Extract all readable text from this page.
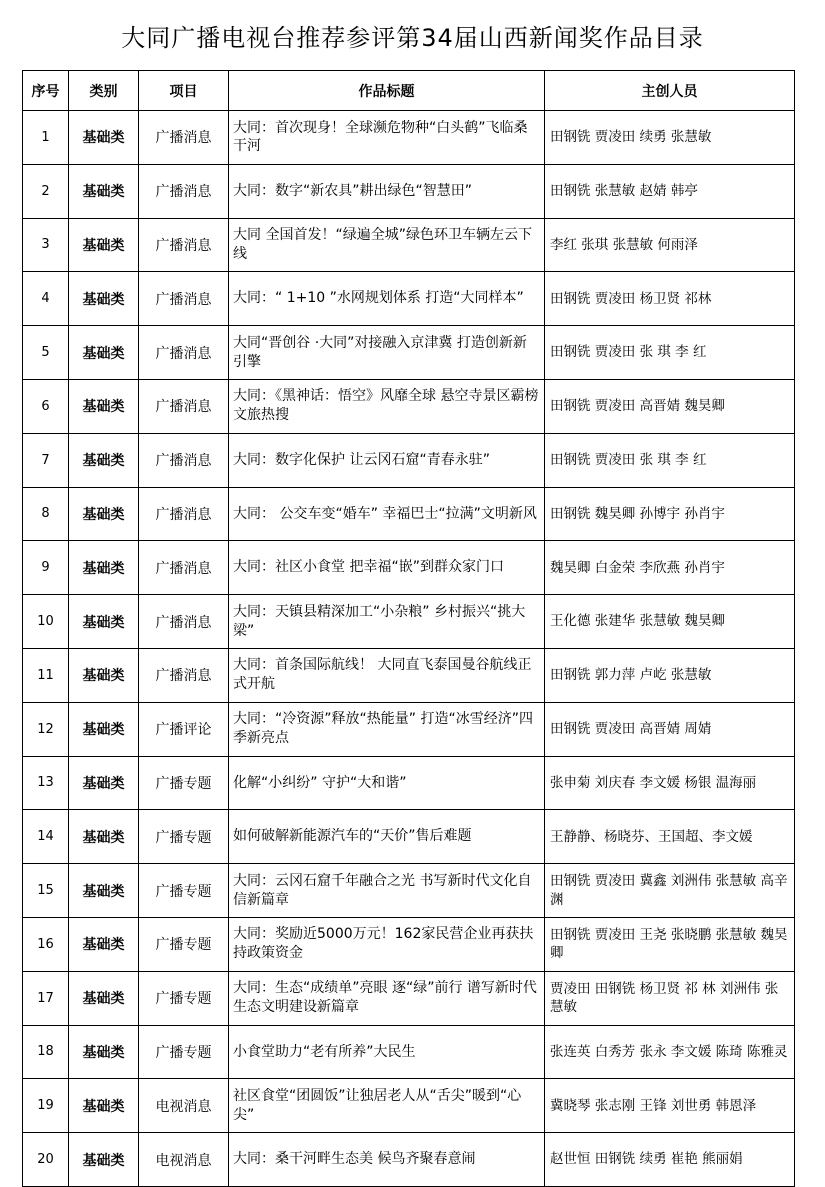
大同广播电视台推荐参评第34届山西新闻奖作品目录
序号	类别	项目	作品标题	主创人员
1	基础类	广播消息	大同：首次现身！全球濒危物种“白头鹤”飞临桑干河	田钢铣 贾凌田 续勇 张慧敏
2	基础类	广播消息	大同：数字“新农具”耕出绿色“智慧田”	田钢铣 张慧敏 赵婧 韩亭
3	基础类	广播消息	大同 全国首发！“绿遍全城”绿色环卫车辆左云下线	李红 张琪 张慧敏 何雨泽
4	基础类	广播消息	大同：“ 1+10 ”水网规划体系 打造“大同样本”	田钢铣 贾凌田 杨卫贤 祁林
5	基础类	广播消息	大同“晋创谷 ·大同”对接融入京津冀 打造创新新引擎	田钢铣 贾凌田 张 琪 李 红
6	基础类	广播消息	大同：《黑神话：悟空》风靡全球 悬空寺景区霸榜文旅热搜	田钢铣 贾凌田 高晋婧 魏昊卿
7	基础类	广播消息	大同：数字化保护 让云冈石窟“青春永驻”	田钢铣 贾凌田 张 琪 李 红
8	基础类	广播消息	大同： 公交车变“婚车” 幸福巴士“拉满”文明新风	田钢铣 魏昊卿 孙博宇 孙肖宇
9	基础类	广播消息	大同：社区小食堂 把幸福“嵌”到群众家门口	魏昊卿 白金荣 李欣燕 孙肖宇
10	基础类	广播消息	大同：天镇县精深加工“小杂粮” 乡村振兴“挑大梁”	王化德 张建华 张慧敏 魏昊卿
11	基础类	广播消息	大同：首条国际航线！ 大同直飞泰国曼谷航线正式开航	田钢铣 郭力萍 卢屹 张慧敏
12	基础类	广播评论	大同：“冷资源”释放“热能量” 打造“冰雪经济”四季新亮点	田钢铣 贾凌田 高晋婧 周婧
13	基础类	广播专题	化解“小纠纷” 守护“大和谐”	张申菊 刘庆春 李文媛 杨银 温海丽
14	基础类	广播专题	如何破解新能源汽车的“天价”售后难题	王静静、杨晓芬、王国超、李文媛
15	基础类	广播专题	大同：云冈石窟千年融合之光 书写新时代文化自信新篇章	田钢铣 贾凌田 冀鑫 刘洲伟 张慧敏 高辛渊
16	基础类	广播专题	大同：奖励近5000万元！162家民营企业再获扶持政策资金	田钢铣 贾凌田 王尧 张晓鹏 张慧敏 魏昊卿
17	基础类	广播专题	大同：生态“成绩单”亮眼 逐“绿”前行 谱写新时代生态文明建设新篇章	贾凌田 田钢铣 杨卫贤 祁 林 刘洲伟 张慧敏
18	基础类	广播专题	小食堂助力“老有所养”大民生	张连英 白秀芳 张永 李文媛 陈琦 陈雅灵
19	基础类	电视消息	社区食堂“团圆饭”让独居老人从“舌尖”暖到“心尖”	冀晓琴 张志刚 王锋 刘世勇 韩恩泽
20	基础类	电视消息	大同：桑干河畔生态美 候鸟齐聚春意闹	赵世恒 田钢铣 续勇 崔艳 熊丽娟
